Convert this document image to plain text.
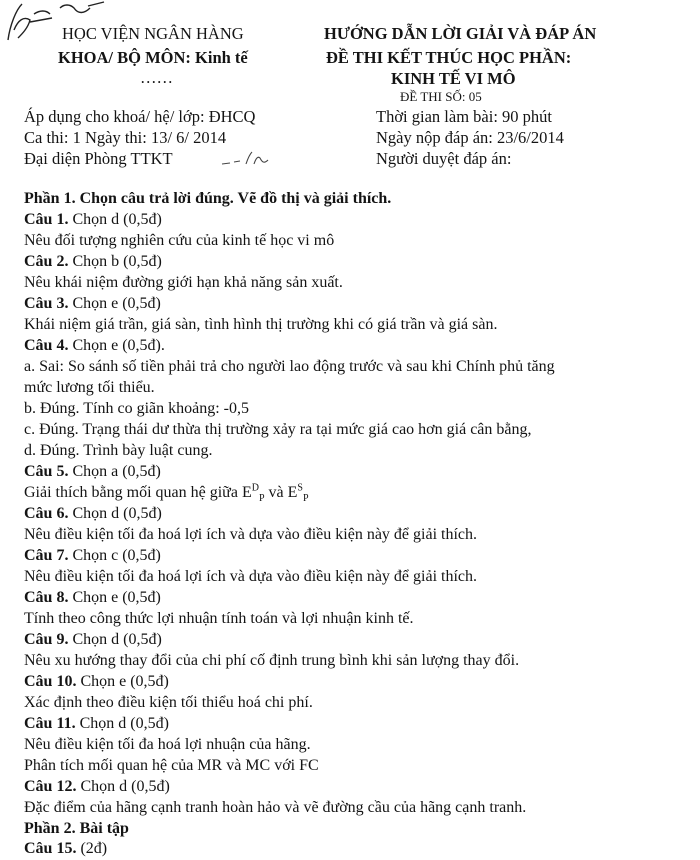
HỌC VIỆN NGÂN HÀNG
KHOA/ BỘ MÔN: Kinh tế
……
HƯỚNG DẪN LỜI GIẢI VÀ ĐÁP ÁN
ĐỀ THI KẾT THÚC HỌC PHẦN:
KINH TẾ VI MÔ
ĐỀ THI SỐ: 05
Áp dụng cho khoá/ hệ/ lớp: ĐHCQ	Thời gian làm bài: 90 phút
Ca thi: 1 Ngày thi: 13/ 6/ 2014	Ngày nộp đáp án: 23/6/2014
Đại diện Phòng TTKT	Người duyệt đáp án:
Phần 1. Chọn câu trả lời đúng. Vẽ đồ thị và giải thích.
Câu 1. Chọn d (0,5đ)
Nêu đối tượng nghiên cứu của kinh tế học vi mô
Câu 2. Chọn b (0,5đ)
Nêu khái niệm đường giới hạn khả năng sản xuất.
Câu 3. Chọn e (0,5đ)
Khái niệm giá trần, giá sàn, tình hình thị trường khi có giá trần và giá sàn.
Câu 4. Chọn e (0,5đ).
a. Sai: So sánh số tiền phải trả cho người lao động trước và sau khi Chính phủ tăng
mức lương tối thiểu.
b. Đúng. Tính co giãn khoảng: -0,5
c. Đúng. Trạng thái dư thừa thị trường xảy ra tại mức giá cao hơn giá cân bằng,
d. Đúng. Trình bày luật cung.
Câu 5. Chọn a (0,5đ)
Giải thích bằng mối quan hệ giữa $E^D_P$ và $E^S_P$
Câu 6. Chọn d (0,5đ)
Nêu điều kiện tối đa hoá lợi ích và dựa vào điều kiện này để giải thích.
Câu 7. Chọn c (0,5đ)
Nêu điều kiện tối đa hoá lợi ích và dựa vào điều kiện này để giải thích.
Câu 8. Chọn e (0,5đ)
Tính theo công thức lợi nhuận tính toán và lợi nhuận kinh tế.
Câu 9. Chọn d (0,5đ)
Nêu xu hướng thay đổi của chi phí cố định trung bình khi sản lượng thay đổi.
Câu 10. Chọn e (0,5đ)
Xác định theo điều kiện tối thiểu hoá chi phí.
Câu 11. Chọn d (0,5đ)
Nêu điều kiện tối đa hoá lợi nhuận của hãng.
Phân tích mối quan hệ của MR và MC với FC
Câu 12. Chọn d (0,5đ)
Đặc điểm của hãng cạnh tranh hoàn hảo và vẽ đường cầu của hãng cạnh tranh.
Phần 2. Bài tập
Câu 15. (2đ)
